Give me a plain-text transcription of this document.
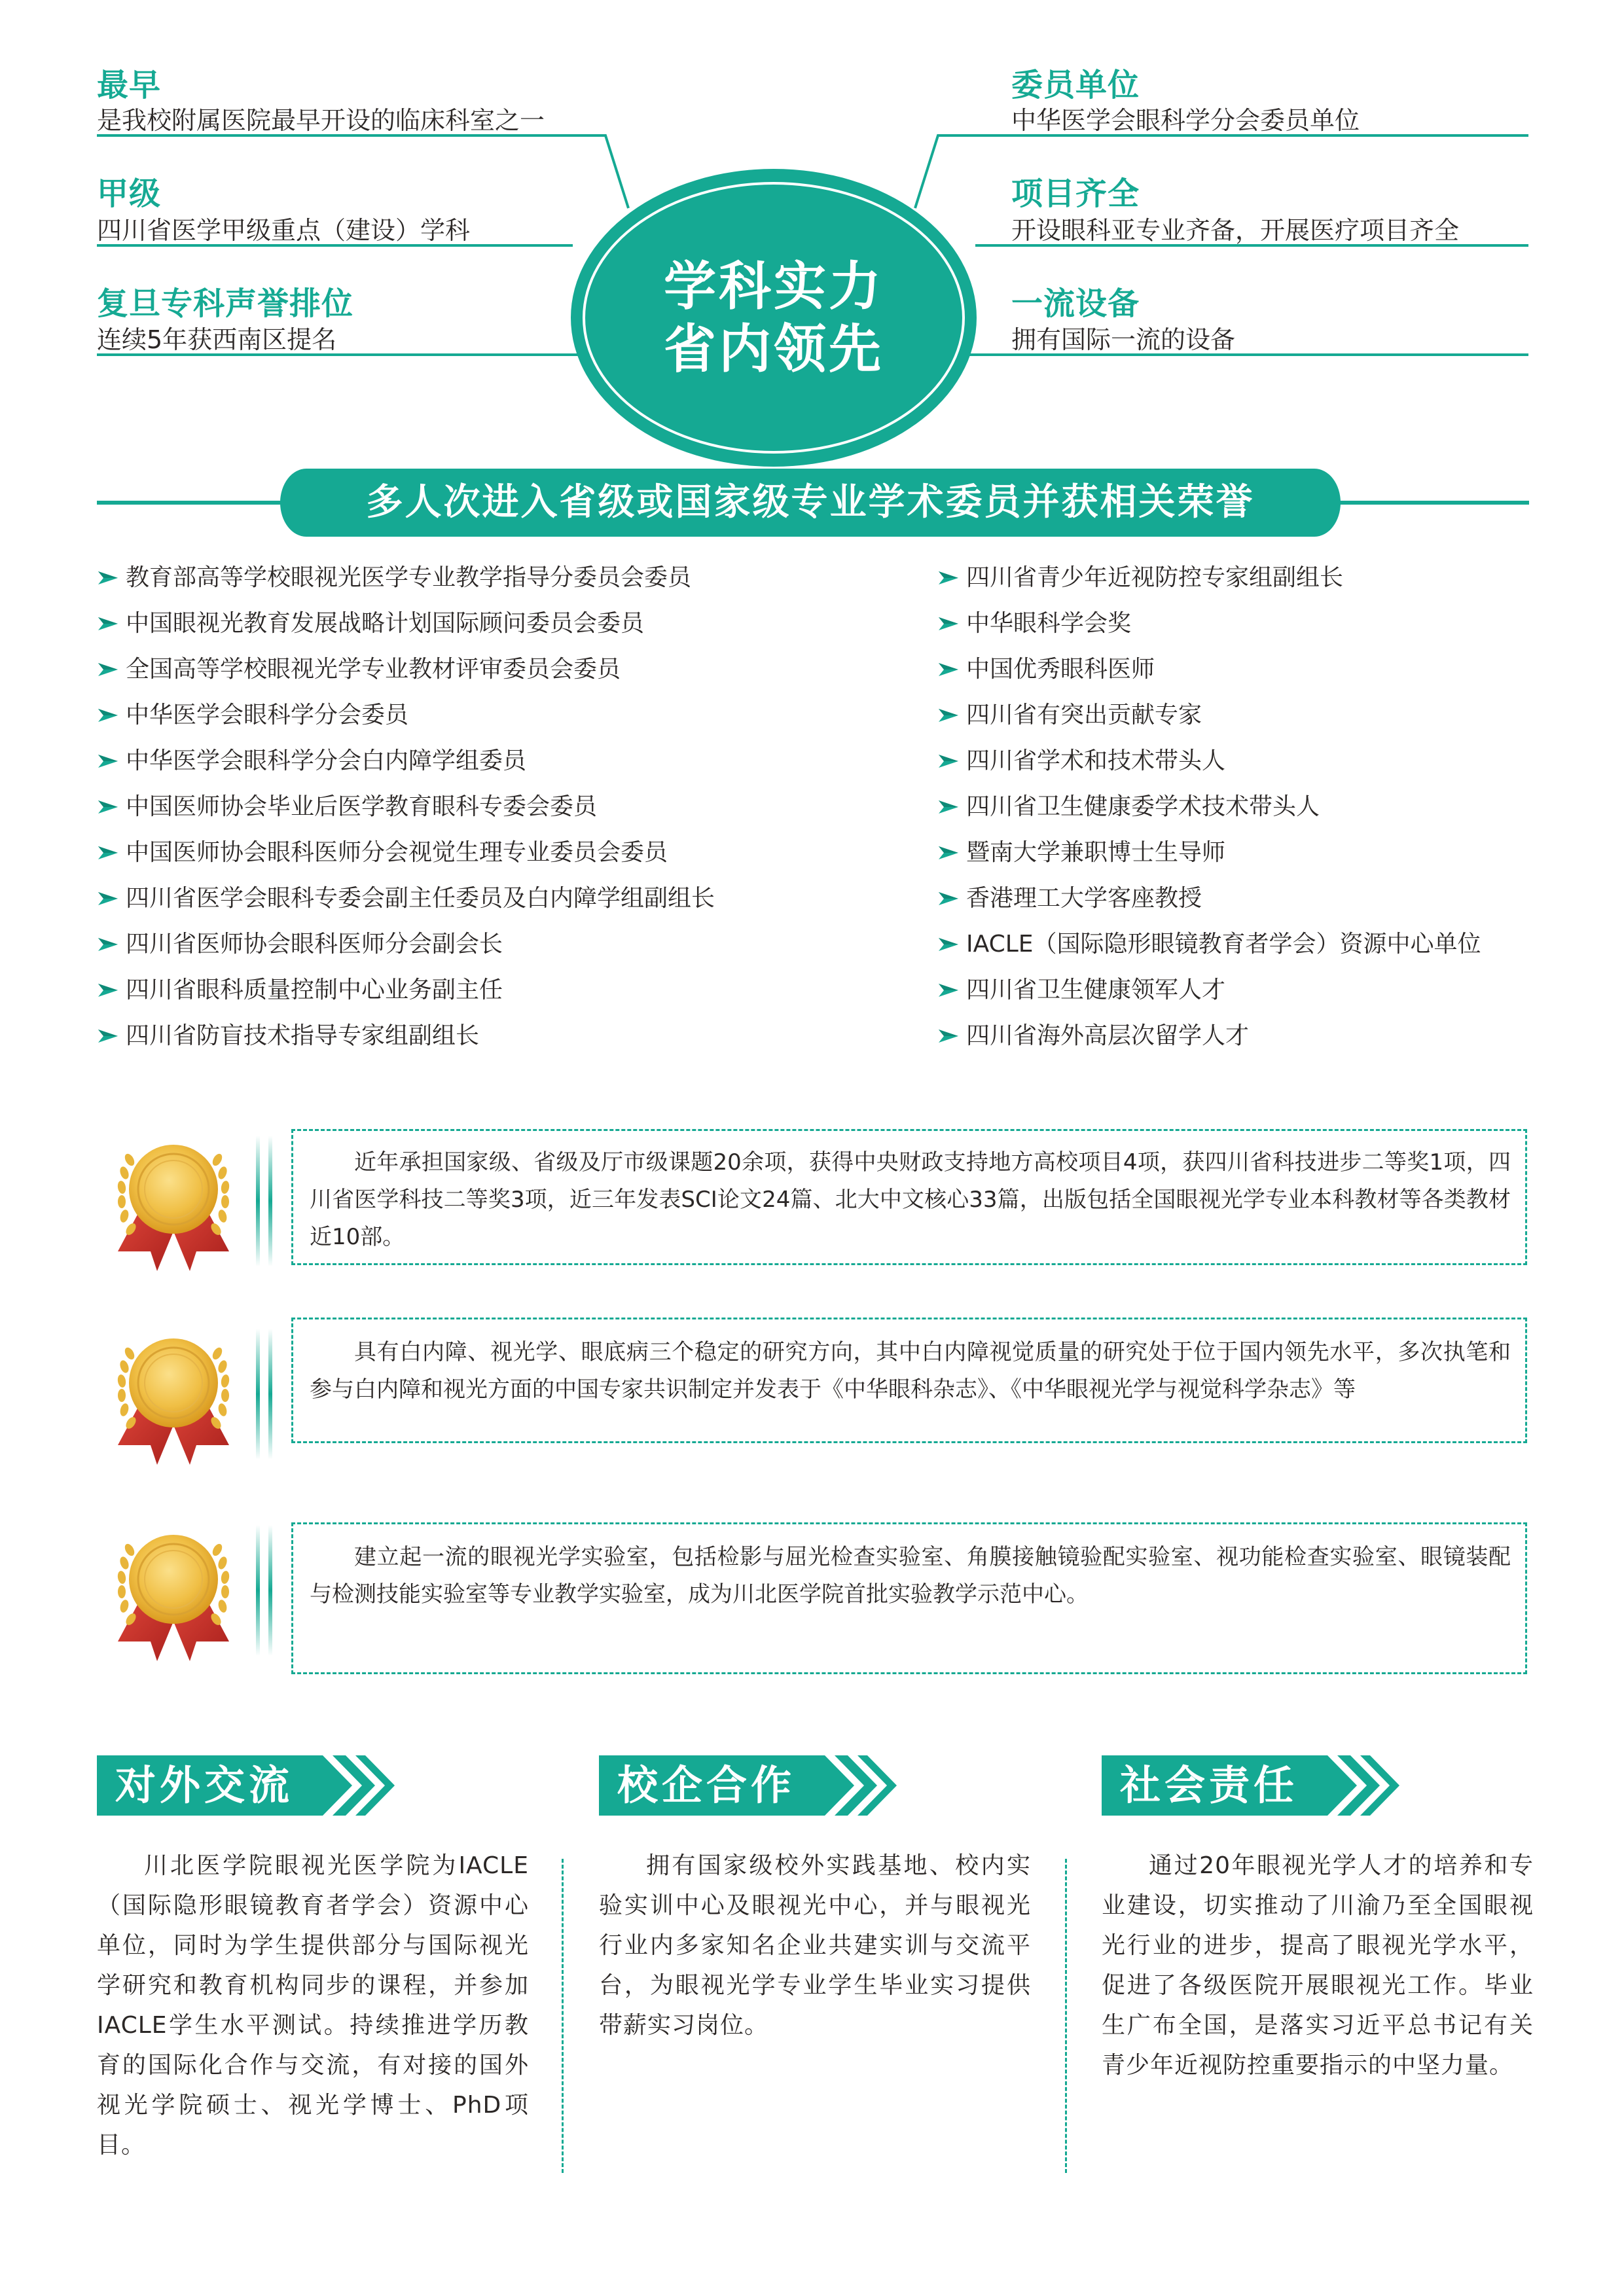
最早
是我校附属医院最早开设的临床科室之一
甲级
四川省医学甲级重点（建设）学科
复旦专科声誉排位
连续5年获西南区提名
委员单位
中华医学会眼科学分会委员单位
项目齐全
开设眼科亚专业齐备，开展医疗项目齐全
一流设备
拥有国际一流的设备
学科实力
省内领先
多人次进入省级或国家级专业学术委员并获相关荣誉
教育部高等学校眼视光医学专业教学指导分委员会委员
中国眼视光教育发展战略计划国际顾问委员会委员
全国高等学校眼视光学专业教材评审委员会委员
中华医学会眼科学分会委员
中华医学会眼科学分会白内障学组委员
中国医师协会毕业后医学教育眼科专委会委员
中国医师协会眼科医师分会视觉生理专业委员会委员
四川省医学会眼科专委会副主任委员及白内障学组副组长
四川省医师协会眼科医师分会副会长
四川省眼科质量控制中心业务副主任
四川省防盲技术指导专家组副组长
四川省青少年近视防控专家组副组长
中华眼科学会奖
中国优秀眼科医师
四川省有突出贡献专家
四川省学术和技术带头人
四川省卫生健康委学术技术带头人
暨南大学兼职博士生导师
香港理工大学客座教授
IACLE（国际隐形眼镜教育者学会）资源中心单位
四川省卫生健康领军人才
四川省海外高层次留学人才
近年承担国家级、省级及厅市级课题20余项，获得中央财政支持地方高校项目4项，获四川省科技进步二等奖1项，四川省医学科技二等奖3项，近三年发表SCI论文24篇、北大中文核心33篇，出版包括全国眼视光学专业本科教材等各类教材近10部。
具有白内障、视光学、眼底病三个稳定的研究方向，其中白内障视觉质量的研究处于位于国内领先水平，多次执笔和参与白内障和视光方面的中国专家共识制定并发表于《中华眼科杂志》、《中华眼视光学与视觉科学杂志》等
建立起一流的眼视光学实验室，包括检影与屈光检查实验室、角膜接触镜验配实验室、视功能检查实验室、眼镜装配与检测技能实验室等专业教学实验室，成为川北医学院首批实验教学示范中心。
对外交流
川北医学院眼视光医学院为IACLE（国际隐形眼镜教育者学会）资源中心单位，同时为学生提供部分与国际视光学研究和教育机构同步的课程，并参加IACLE学生水平测试。持续推进学历教育的国际化合作与交流，有对接的国外视光学院硕士、视光学博士、PhD项目。
校企合作
拥有国家级校外实践基地、校内实验实训中心及眼视光中心，并与眼视光行业内多家知名企业共建实训与交流平台，为眼视光学专业学生毕业实习提供带薪实习岗位。
社会责任
通过20年眼视光学人才的培养和专业建设，切实推动了川渝乃至全国眼视光行业的进步，提高了眼视光学水平，促进了各级医院开展眼视光工作。毕业生广布全国，是落实习近平总书记有关青少年近视防控重要指示的中坚力量。
